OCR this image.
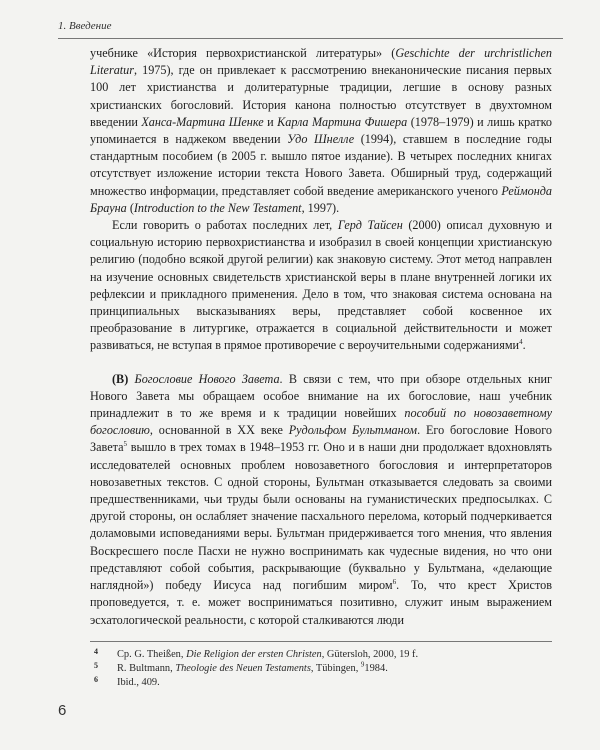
1. Введение

учебнике «История первохристианской литературы» (Geschichte der urchristlichen Literatur, 1975), где он привлекает к рассмотрению внеканонические писания первых 100 лет христианства и долитературные традиции, легшие в основу разных христианских богословий. История канона полностью отсутствует в двухтомном введении Ханса-Мартина Шенке и Карла Мартина Фишера (1978–1979) и лишь кратко упоминается в наджеком введении Удо Шнелле (1994), ставшем в последние годы стандартным пособием (в 2005 г. вышло пятое издание). В четырех последних книгах отсутствует изложение истории текста Нового Завета. Обширный труд, содержащий множество информации, представляет собой введение американского ученого Реймонда Брауна (Introduction to the New Testament, 1997).

Если говорить о работах последних лет, Герд Тайсен (2000) описал духовную и социальную историю первохристианства и изобразил в своей концепции христианскую религию (подобно всякой другой религии) как знаковую систему. Этот метод направлен на изучение основных свидетельств христианской веры в плане внутренней логики их рефлексии и прикладного применения. Дело в том, что знаковая система основана на принципиальных высказываниях веры, представляет собой косвенное их преобразование в литургике, отражается в социальной действительности и может развиваться, не вступая в прямое противоречие с вероучительными содержаниями$^4$.

(B) Богословие Нового Завета. В связи с тем, что при обзоре отдельных книг Нового Завета мы обращаем особое внимание на их богословие, наш учебник принадлежит в то же время и к традиции новейших пособий по новозаветному богословию, основанной в XX веке Рудольфом Бультманом. Его богословие Нового Завета$^5$ вышло в трех томах в 1948–1953 гг. Оно и в наши дни продолжает вдохновлять исследователей основных проблем новозаветного богословия и интерпретаторов новозаветных текстов. С одной стороны, Бультман отказывается следовать за своими предшественниками, чьи труды были основаны на гуманистических предпосылках. С другой стороны, он ослабляет значение пасхального перелома, который подчеркивается доламовыми исповеданиями веры. Бультман придерживается того мнения, что явления Воскресшего после Пасхи не нужно воспринимать как чудесные видения, но что они представляют собой события, раскрывающие (буквально у Бультмана, «делающие наглядной») победу Иисуса над погибшим миром$^6$. То, что крест Христов проповедуется, т. е. может восприниматься позитивно, служит иным выражением эсхатологической реальности, с которой сталкиваются люди

4 Ср. G. Theißen, Die Religion der ersten Christen, Gütersloh, 2000, 19 f.
5 R. Bultmann, Theologie des Neuen Testaments, Tübingen, $^9$1984.
6 Ibid., 409.
6
